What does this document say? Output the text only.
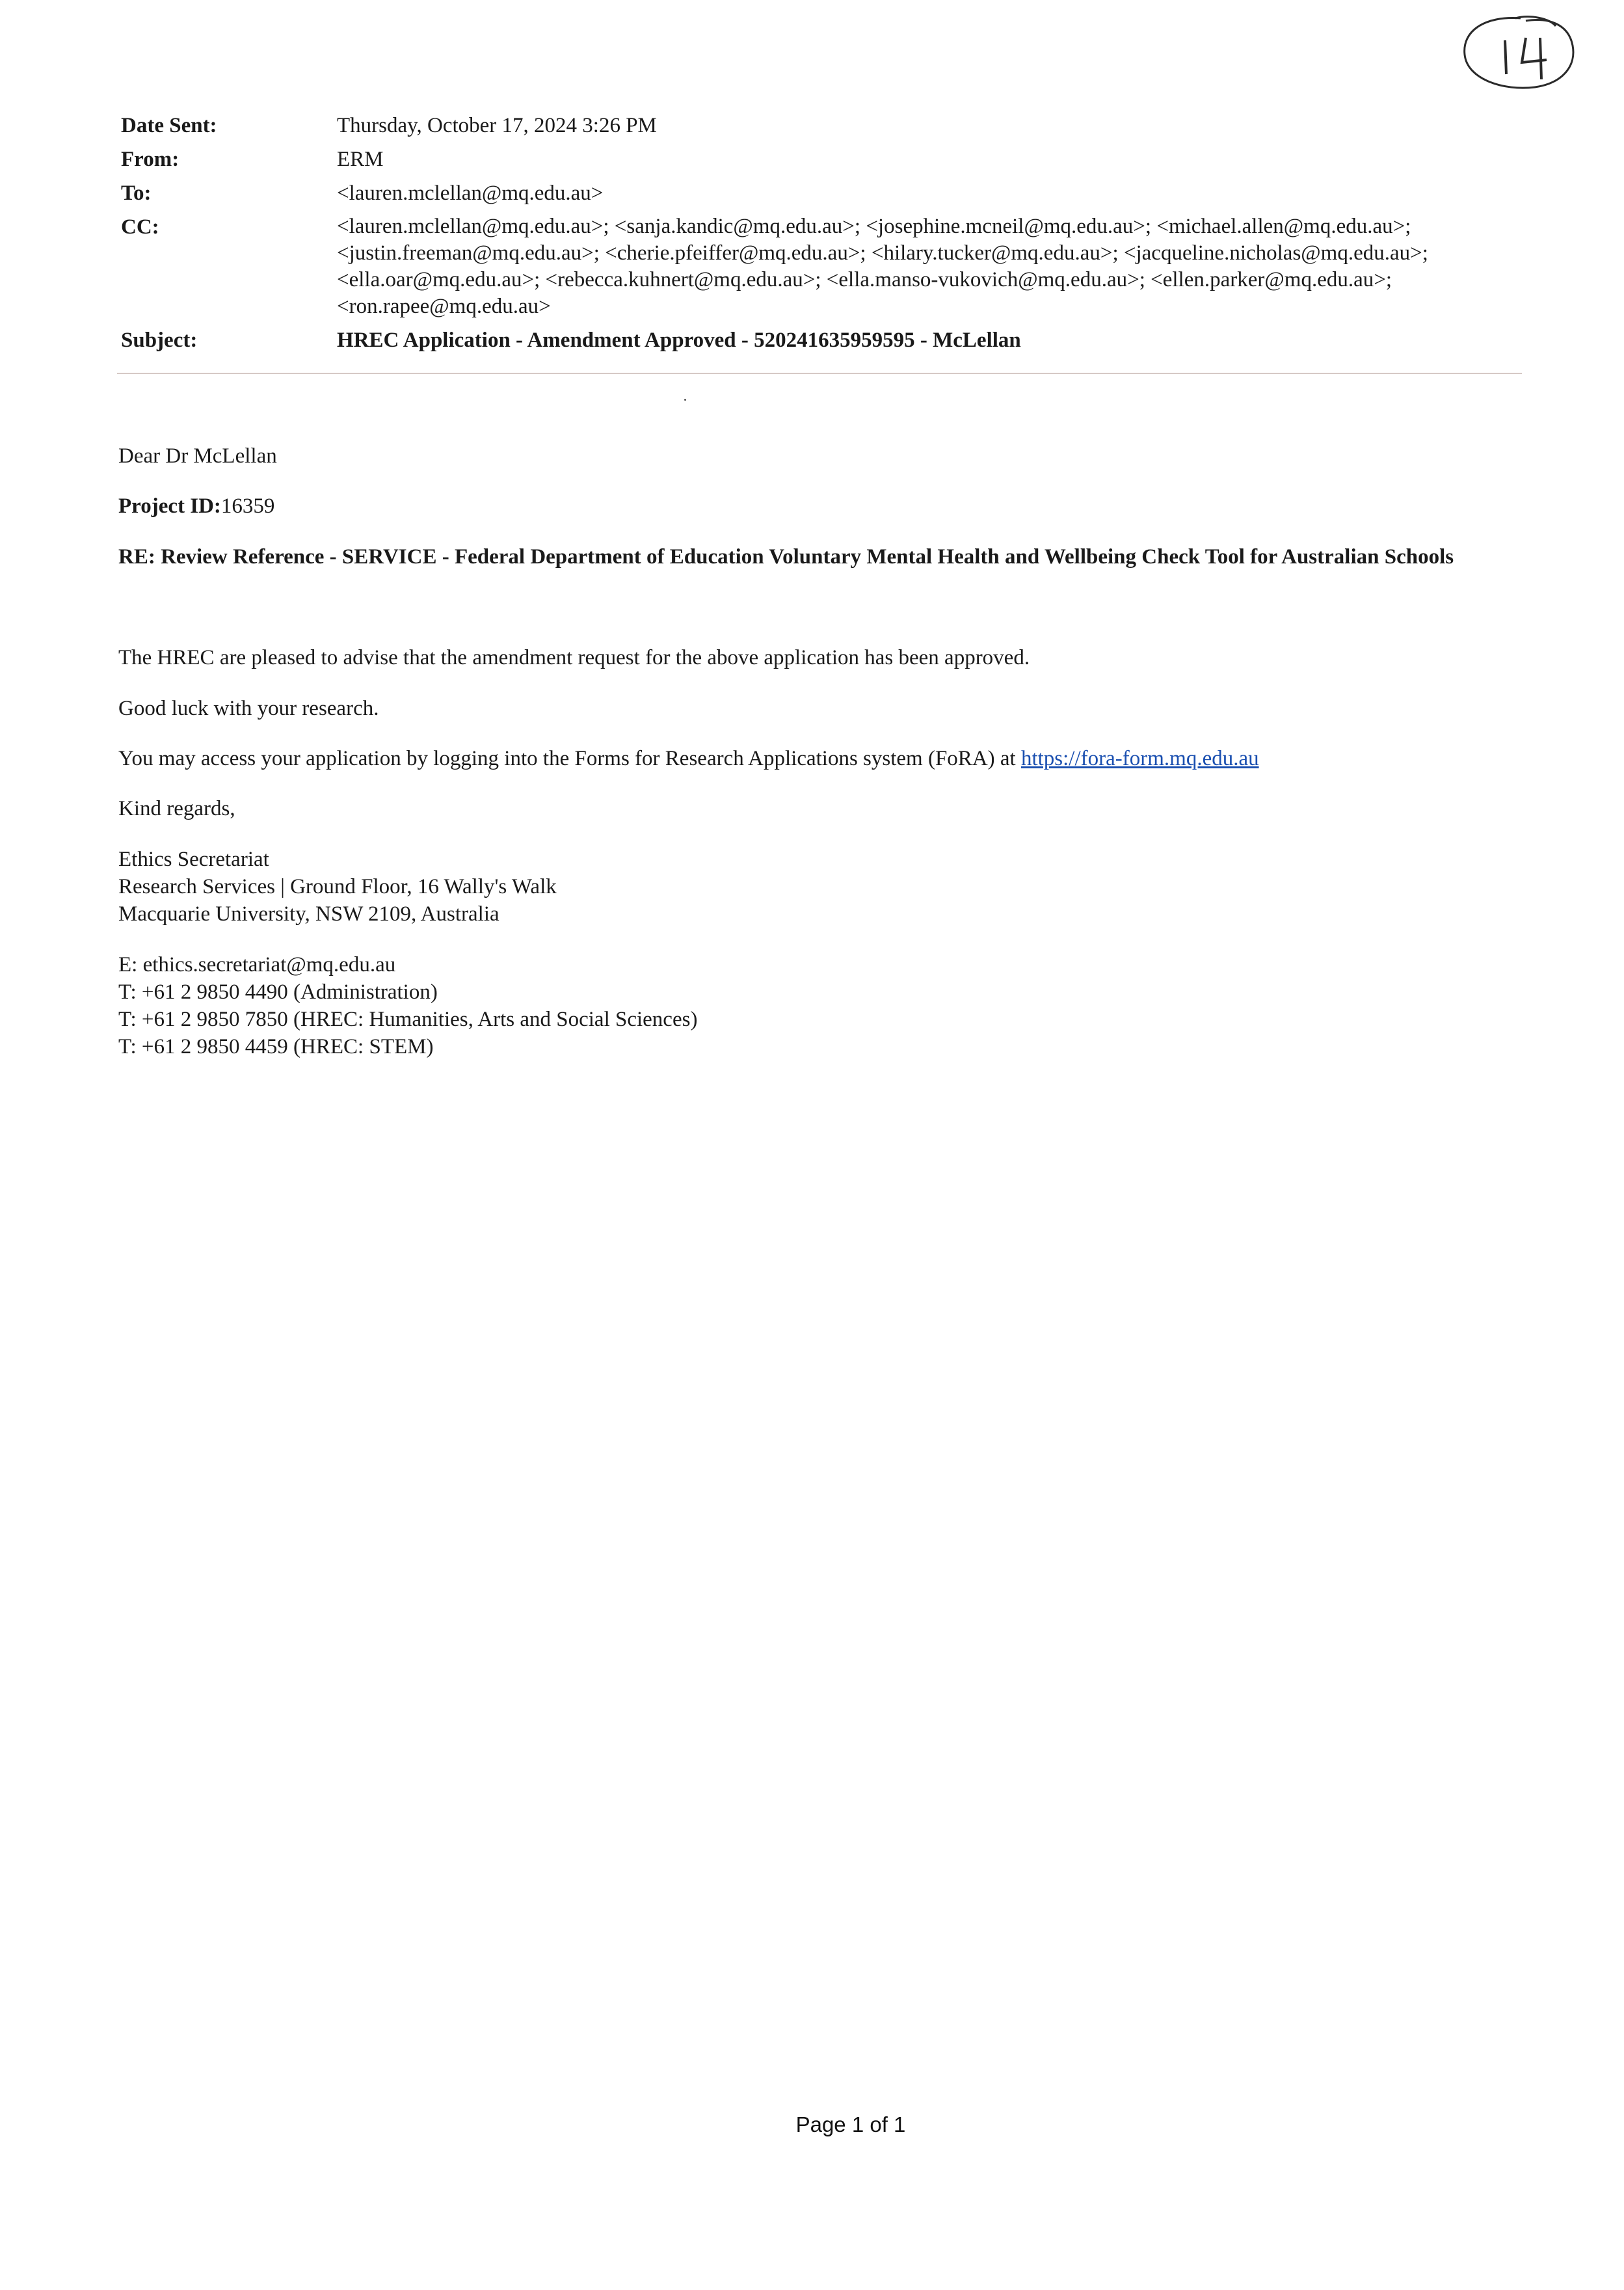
Date Sent:	Thursday, October 17, 2024 3:26 PM
From:	ERM
To:	<lauren.mclellan@mq.edu.au>
CC:	<lauren.mclellan@mq.edu.au>; <sanja.kandic@mq.edu.au>; <josephine.mcneil@mq.edu.au>; <michael.allen@mq.edu.au>;
<justin.freeman@mq.edu.au>; <cherie.pfeiffer@mq.edu.au>; <hilary.tucker@mq.edu.au>; <jacqueline.nicholas@mq.edu.au>;
<ella.oar@mq.edu.au>; <rebecca.kuhnert@mq.edu.au>; <ella.manso-vukovich@mq.edu.au>; <ellen.parker@mq.edu.au>;
<ron.rapee@mq.edu.au>
Subject:	HREC Application - Amendment Approved - 520241635959595 - McLellan
Dear Dr McLellan
Project ID:16359
RE: Review Reference - SERVICE - Federal Department of Education Voluntary Mental Health and Wellbeing Check Tool for Australian Schools
The HREC are pleased to advise that the amendment request for the above application has been approved.
Good luck with your research.
You may access your application by logging into the Forms for Research Applications system (FoRA) at https://fora-form.mq.edu.au
Kind regards,
Ethics Secretariat
Research Services | Ground Floor, 16 Wally's Walk
Macquarie University, NSW 2109, Australia
E: ethics.secretariat@mq.edu.au
T: +61 2 9850 4490 (Administration)
T: +61 2 9850 7850 (HREC: Humanities, Arts and Social Sciences)
T: +61 2 9850 4459 (HREC: STEM)
Page 1 of 1
